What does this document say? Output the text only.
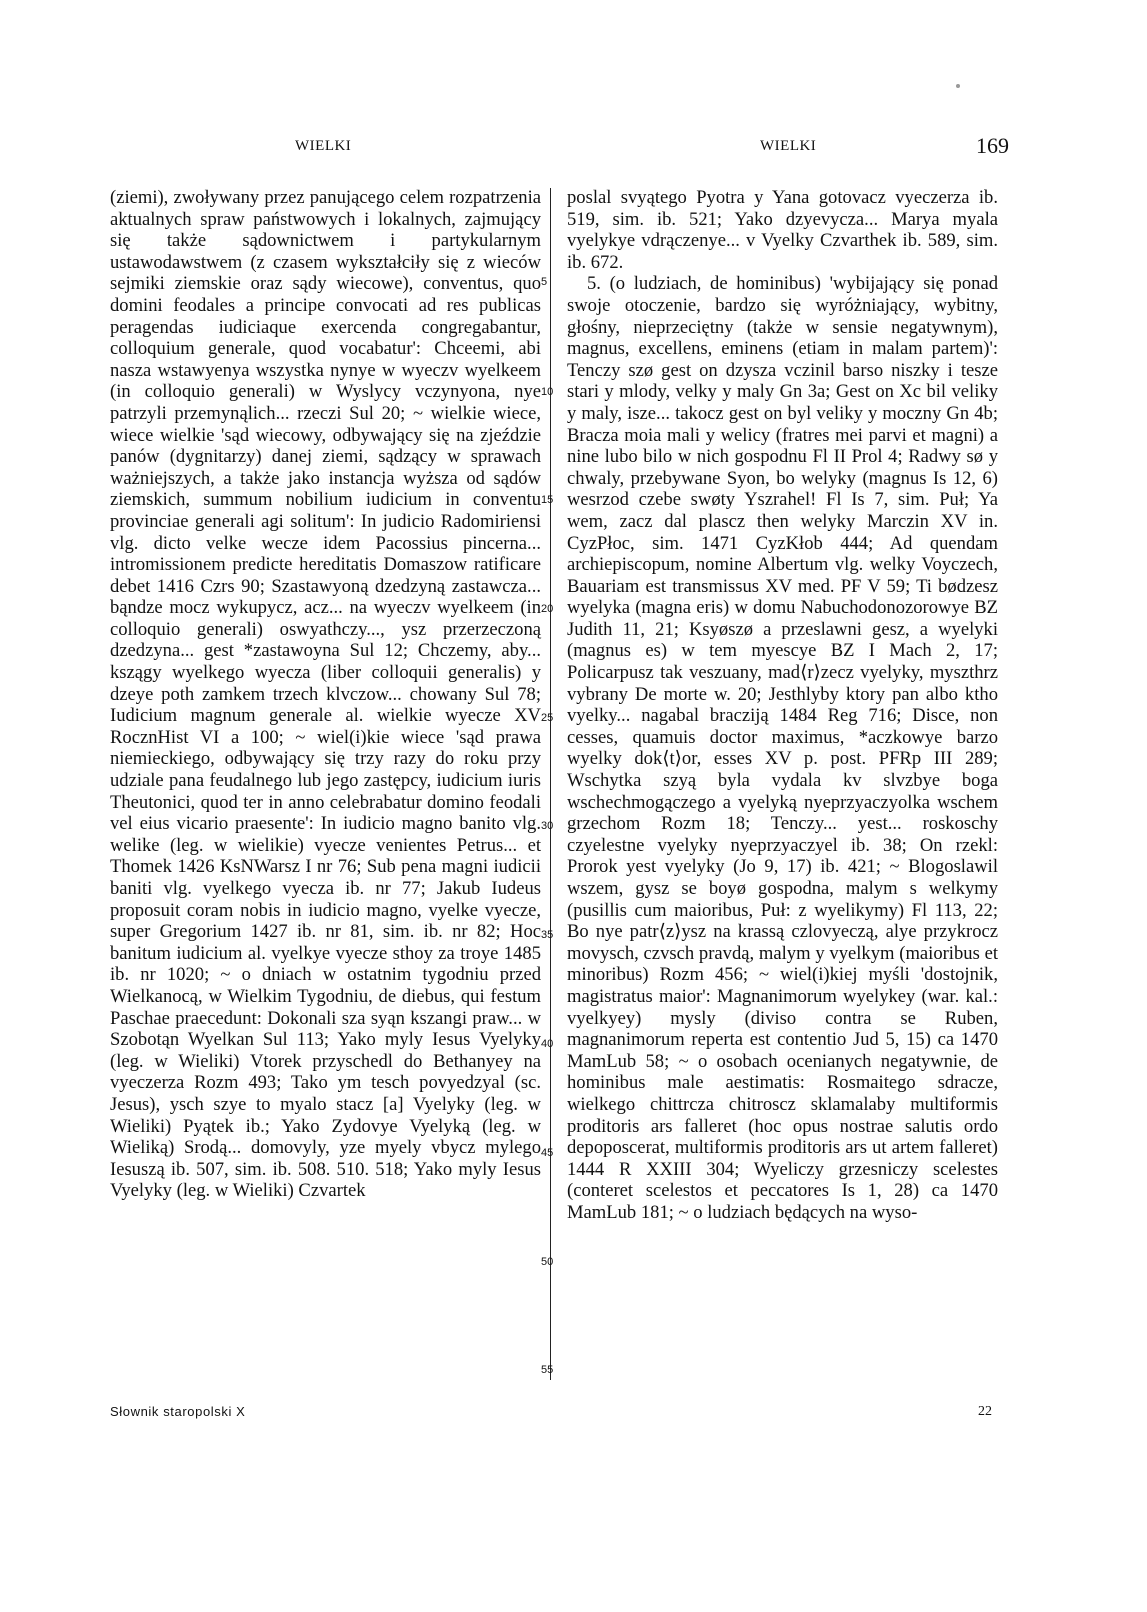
WIELKI	WIELKI	169

(ziemi), zwoływany przez panującego celem rozpatrzenia aktualnych spraw państwowych i lokalnych, zajmujący się także sądownictwem i partykularnym ustawodawstwem (z czasem wykształciły się z wieców sejmiki ziemskie oraz sądy wiecowe), conventus, quo domini feodales a principe convocati ad res publicas peragendas iudiciaque exercenda congregabantur, colloquium generale, quod vocabatur': Chceemi, abi nasza wstawyenya wszystka nynye w wyeczv wyelkeem (in colloquio generali) w Wyslycy vczynyona, nye patrzyli przemynąlich... rzeczi Sul 20; ~ wielkie wiece, wiece wielkie 'sąd wiecowy, odbywający się na zjeździe panów (dygnitarzy) danej ziemi, sądzący w sprawach ważniejszych, a także jako instancja wyższa od sądów ziemskich, summum nobilium iudicium in conventu provinciae generali agi solitum': In judicio Radomiriensi vlg. dicto velke wecze idem Pacossius pincerna... intromissionem predicte hereditatis Domaszow ratificare debet 1416 Czrs 90; Szastawyoną dzedzyną zastawcza... bąndze mocz wykupycz, acz... na wyeczv wyelkeem (in colloquio generali) oswyathczy..., ysz przerzeczoną dzedzyna... gest *zastawoyna Sul 12; Chczemy, aby... kszągy wyelkego wyecza (liber colloquii generalis) y dzeye poth zamkem trzech klvczow... chowany Sul 78; Iudicium magnum generale al. wielkie wyecze XV RocznHist VI a 100; ~ wiel(i)kie wiece 'sąd prawa niemieckiego, odbywający się trzy razy do roku przy udziale pana feudalnego lub jego zastępcy, iudicium iuris Theutonici, quod ter in anno celebrabatur domino feodali vel eius vicario praesente': In iudicio magno banito vlg. welike (leg. w wielikie) vyecze venientes Petrus... et Thomek 1426 KsNWarsz I nr 76; Sub pena magni iudicii baniti vlg. vyelkego vyecza ib. nr 77; Jakub Iudeus proposuit coram nobis in iudicio magno, vyelke vyecze, super Gregorium 1427 ib. nr 81, sim. ib. nr 82; Hoc banitum iudicium al. vyelkye vyecze sthoy za troye 1485 ib. nr 1020; ~ o dniach w ostatnim tygodniu przed Wielkanocą, w Wielkim Tygodniu, de diebus, qui festum Paschae praecedunt: Dokonali sza syąn kszangi praw... w Szobotąn Wyelkan Sul 113; Yako myly Iesus Vyelyky (leg. w Wieliki) Vtorek przyschedl do Bethanyey na vyeczerza Rozm 493; Tako ym tesch povyedzyal (sc. Jesus), ysch szye to myalo stacz [a] Vyelyky (leg. w Wieliki) Pyątek ib.; Yako Zydovye Vyelyką (leg. w Wieliką) Srodą... domovyly, yze myely vbycz mylego Iesuszą ib. 507, sim. ib. 508. 510. 518; Yako myly Iesus Vyelyky (leg. w Wieliki) Czvartek

5
10
15
20
25
30
35
40
45
50
55

poslal svyątego Pyotra y Yana gotovacz vyeczerza ib. 519, sim. ib. 521; Yako dzyevycza... Marya myala vyelykye vdrączenye... v Vyelky Czvarthek ib. 589, sim. ib. 672.

5. (o ludziach, de hominibus) 'wybijający się ponad swoje otoczenie, bardzo się wyróżniający, wybitny, głośny, nieprzeciętny (także w sensie negatywnym), magnus, excellens, eminens (etiam in malam partem)': Tenczy szø gest on dzysza vczinil barso niszky i tesze stari y mlody, velky y maly Gn 3a; Gest on Xc bil veliky y maly, isze... takocz gest on byl veliky y moczny Gn 4b; Bracza moia mali y welicy (fratres mei parvi et magni) a nine lubo bilo w nich gospodnu Fl II Prol 4; Radwy sø y chwaly, przebywane Syon, bo welyky (magnus Is 12, 6) wesrzod czebe swøty Yszrahel! Fl Is 7, sim. Puł; Ya wem, zacz dal plascz then welyky Marczin XV in. CyzPłoc, sim. 1471 CyzKłob 444; Ad quendam archiepiscopum, nomine Albertum vlg. welky Voyczech, Bauariam est transmissus XV med. PF V 59; Ti bødzesz wyelyka (magna eris) w domu Nabuchodonozorowye BZ Judith 11, 21; Ksyøszø a przeslawni gesz, a wyelyki (magnus es) w tem myescye BZ I Mach 2, 17; Policarpusz tak veszuany, mad⟨r⟩zecz vyelyky, myszthrz vybrany De morte w. 20; Jesthlyby ktory pan albo ktho vyelky... nagabal bracziją 1484 Reg 716; Disce, non cesses, quamuis doctor maximus, *aczkowye barzo wyelky dok⟨t⟩or, esses XV p. post. PFRp III 289; Wschytka szyą byla vydala kv slvzbye boga wschechmogączego a vyelyką nyeprzyaczyolka wschem grzechom Rozm 18; Tenczy... yest... roskoschy czyelestne vyelyky nyeprzyaczyel ib. 38; On rzekl: Prorok yest vyelyky (Jo 9, 17) ib. 421; ~ Blogoslawil wszem, gysz se boyø gospodna, malym s welkymy (pusillis cum maioribus, Puł: z wyelikymy) Fl 113, 22; Bo nye patr⟨z⟩ysz na krassą czlovyeczą, alye przykrocz movysch, czvsch pravdą, malym y vyelkym (maioribus et minoribus) Rozm 456; ~ wiel(i)kiej myśli 'dostojnik, magistratus maior': Magnanimorum wyelykey (war. kal.: vyelkyey) mysly (diviso contra se Ruben, magnanimorum reperta est contentio Jud 5, 15) ca 1470 MamLub 58; ~ o osobach ocenianych negatywnie, de hominibus male aestimatis: Rosmaitego sdracze, wielkego chittrcza chitroscz sklamalaby multiformis proditoris ars falleret (hoc opus nostrae salutis ordo depoposcerat, multiformis proditoris ars ut artem falleret) 1444 R XXIII 304; Wyeliczy grzesniczy scelestes (conteret scelestos et peccatores Is 1, 28) ca 1470 MamLub 181; ~ o ludziach będących na wyso-

Słownik staropolski X	22
